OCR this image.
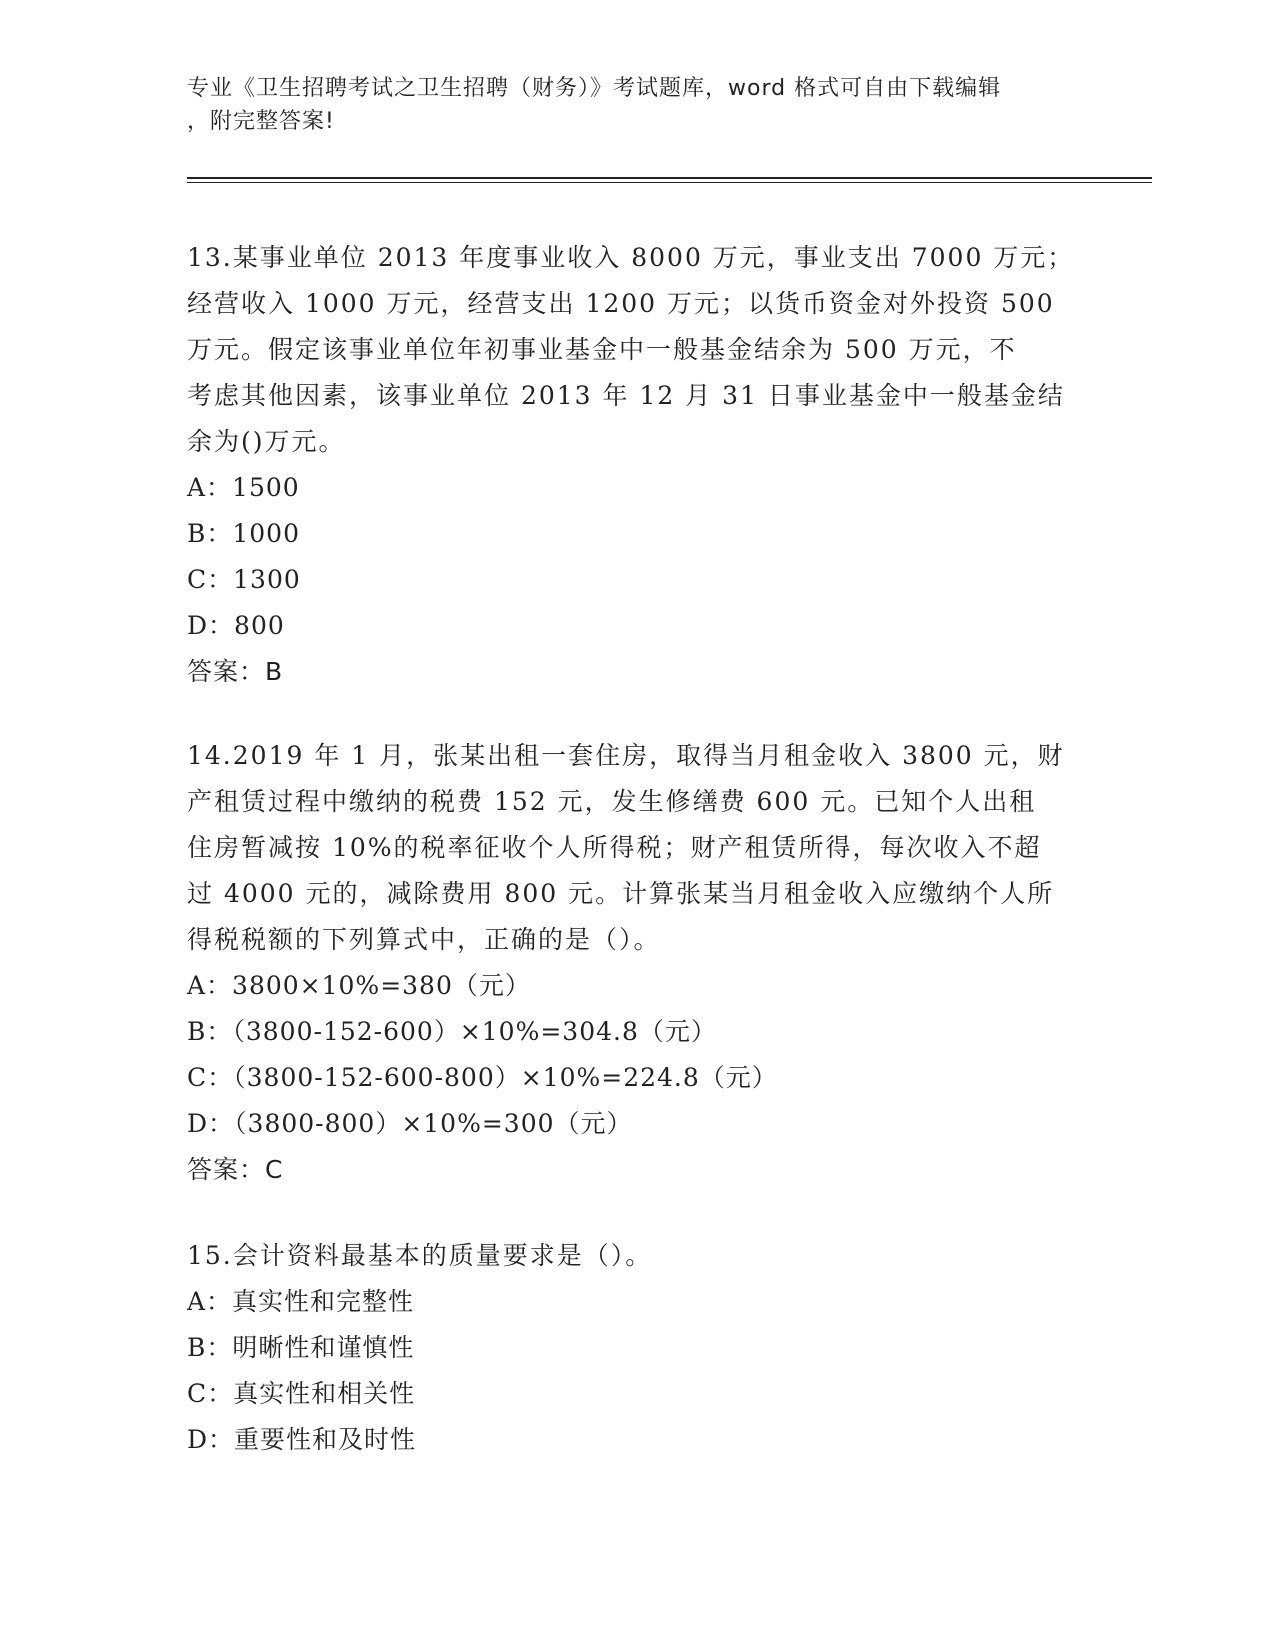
专业《卫生招聘考试之卫生招聘（财务）》考试题库，word 格式可自由下载编辑
，附完整答案!

13.某事业单位 2013 年度事业收入 8000 万元，事业支出 7000 万元；

经营收入 1000 万元，经营支出 1200 万元；以货币资金对外投资 500

万元。假定该事业单位年初事业基金中一般基金结余为 500 万元，不

考虑其他因素，该事业单位 2013 年 12 月 31 日事业基金中一般基金结

余为()万元。

A：1500

B：1000

C：1300

D：800

答案：B

14.2019 年 1 月，张某出租一套住房，取得当月租金收入 3800 元，财

产租赁过程中缴纳的税费 152 元，发生修缮费 600 元。已知个人出租

住房暂减按 10%的税率征收个人所得税；财产租赁所得，每次收入不超

过 4000 元的，减除费用 800 元。计算张某当月租金收入应缴纳个人所

得税税额的下列算式中，正确的是（）。

A：3800×10%=380（元）

B：（3800-152-600）×10%=304.8（元）

C：（3800-152-600-800）×10%=224.8（元）

D：（3800-800）×10%=300（元）

答案：C

15.会计资料最基本的质量要求是（）。

A：真实性和完整性

B：明晰性和谨慎性

C：真实性和相关性

D：重要性和及时性
